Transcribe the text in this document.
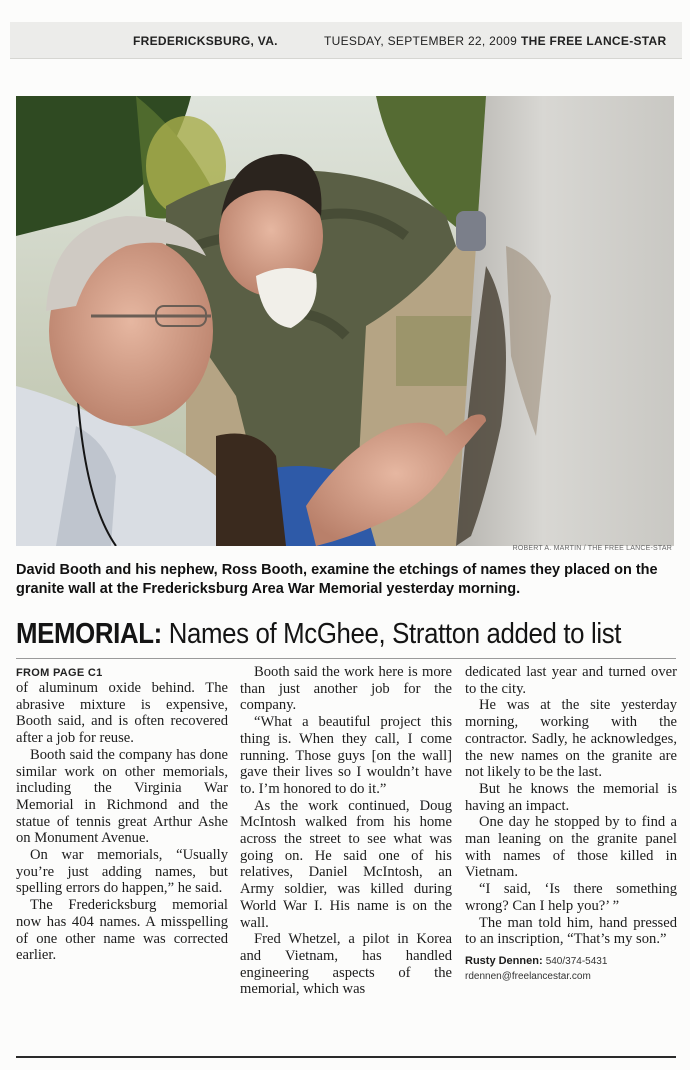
FREDERICKSBURG, VA.	TUESDAY, SEPTEMBER 22, 2009 THE FREE LANCE-STAR
ROBERT A. MARTIN / THE FREE LANCE-STAR
David Booth and his nephew, Ross Booth, examine the etchings of names they placed on the granite wall at the Fredericksburg Area War Memorial yesterday morning.
MEMORIAL: Names of McGhee, Stratton added to list
FROM PAGE C1

of aluminum oxide behind. The abrasive mixture is expensive, Booth said, and is often recovered after a job for reuse.

Booth said the company has done similar work on other memorials, including the Virginia War Memorial in Richmond and the statue of tennis great Arthur Ashe on Monument Avenue.

On war memorials, “Usually you’re just adding names, but spelling errors do happen,” he said.

The Fredericksburg memorial now has 404 names. A misspelling of one other name was corrected earlier.

Booth said the work here is more than just another job for the company.

“What a beautiful project this thing is. When they call, I come running. Those guys [on the wall] gave their lives so I wouldn’t have to. I’m honored to do it.”

As the work continued, Doug McIntosh walked from his home across the street to see what was going on. He said one of his relatives, Daniel McIntosh, an Army soldier, was killed during World War I. His name is on the wall.

Fred Whetzel, a pilot in Korea and Vietnam, has handled engineering aspects of the memorial, which was

dedicated last year and turned over to the city.

He was at the site yesterday morning, working with the contractor. Sadly, he acknowledges, the new names on the granite are not likely to be the last.

But he knows the memorial is having an impact.

One day he stopped by to find a man leaning on the granite panel with names of those killed in Vietnam.

“I said, ‘Is there something wrong? Can I help you?’ ”

The man told him, hand pressed to an inscription, “That’s my son.”

Rusty Dennen: 540/374-5431
rdennen@freelancestar.com
